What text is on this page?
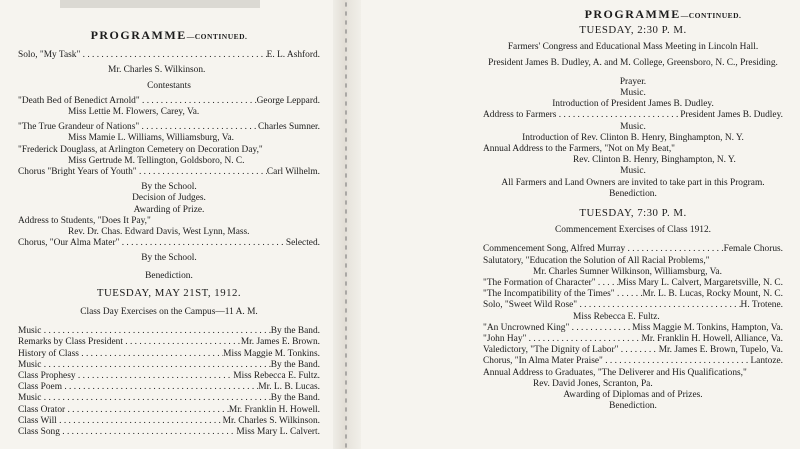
PROGRAMME—CONTINUED.
Solo, "My Task" . . .	E. L. Ashford.
Mr. Charles S. Wilkinson.
Contestants
"Death Bed of Benedict Arnold" . . .	George Leppard.
Miss Lettie M. Flowers, Carey, Va.
"The True Grandeur of Nations" . . .	Charles Sumner.
Miss Mamie L. Williams, Williamsburg, Va.
"Frederick Douglass, at Arlington Cemetery on Decoration Day,"
Miss Gertrude M. Tellington, Goldsboro, N. C.
Chorus "Bright Years of Youth" . . .	Carl Wilhelm.
By the School.
Decision of Judges.
Awarding of Prize.
Address to Students, "Does It Pay,"
Rev. Dr. Chas. Edward Davis, West Lynn, Mass.
Chorus, "Our Alma Mater" . . .	Selected.
By the School.
Benediction.
TUESDAY, MAY 21ST, 1912.
Class Day Exercises on the Campus—11 A. M.
Music . . .	By the Band.
Remarks by Class President . . .	Mr. James E. Brown.
History of Class . . .	Miss Maggie M. Tonkins.
Music . . .	By the Band.
Class Prophesy . . .	Miss Rebecca E. Fultz.
Class Poem . . .	Mr. L. B. Lucas.
Music . . .	By the Band.
Class Orator . . .	Mr. Franklin H. Howell.
Class Will . . .	Mr. Charles S. Wilkinson.
Class Song . . .	Miss Mary L. Calvert.
PROGRAMME—CONTINUED.
TUESDAY, 2:30 P. M.
Farmers' Congress and Educational Mass Meeting in Lincoln Hall.
President James B. Dudley, A. and M. College, Greensboro, N. C., Presiding.
Prayer.
Music.
Introduction of President James B. Dudley.
Address to Farmers . . .	President James B. Dudley.
Music.
Introduction of Rev. Clinton B. Henry, Binghampton, N. Y.
Annual Address to the Farmers, "Not on My Beat,"
Rev. Clinton B. Henry, Binghampton, N. Y.
Music.
All Farmers and Land Owners are invited to take part in this Program.
Benediction.
TUESDAY, 7:30 P. M.
Commencement Exercises of Class 1912.
Commencement Song, Alfred Murray . . .	Female Chorus.
Salutatory, "Education the Solution of All Racial Problems,"
Mr. Charles Sumner Wilkinson, Williamsburg, Va.
"The Formation of Character" . . .	Miss Mary L. Calvert, Margaretsville, N. C.
"The Incompatibility of the Times" . . .	Mr. L. B. Lucas, Rocky Mount, N. C.
Solo, "Sweet Wild Rose" . . .	H. Trotene.
Miss Rebecca E. Fultz.
"An Uncrowned King" . . .	Miss Maggie M. Tonkins, Hampton, Va.
"John Hay" . . .	Mr. Franklin H. Howell, Alliance, Va.
Valedictory, "The Dignity of Labor" . . .	Mr. James E. Brown, Tupelo, Va.
Chorus, "In Alma Mater Praise" . . .	Lantoze.
Annual Address to Graduates, "The Deliverer and His Qualifications,"
Rev. David Jones, Scranton, Pa.
Awarding of Diplomas and of Prizes.
Benediction.
